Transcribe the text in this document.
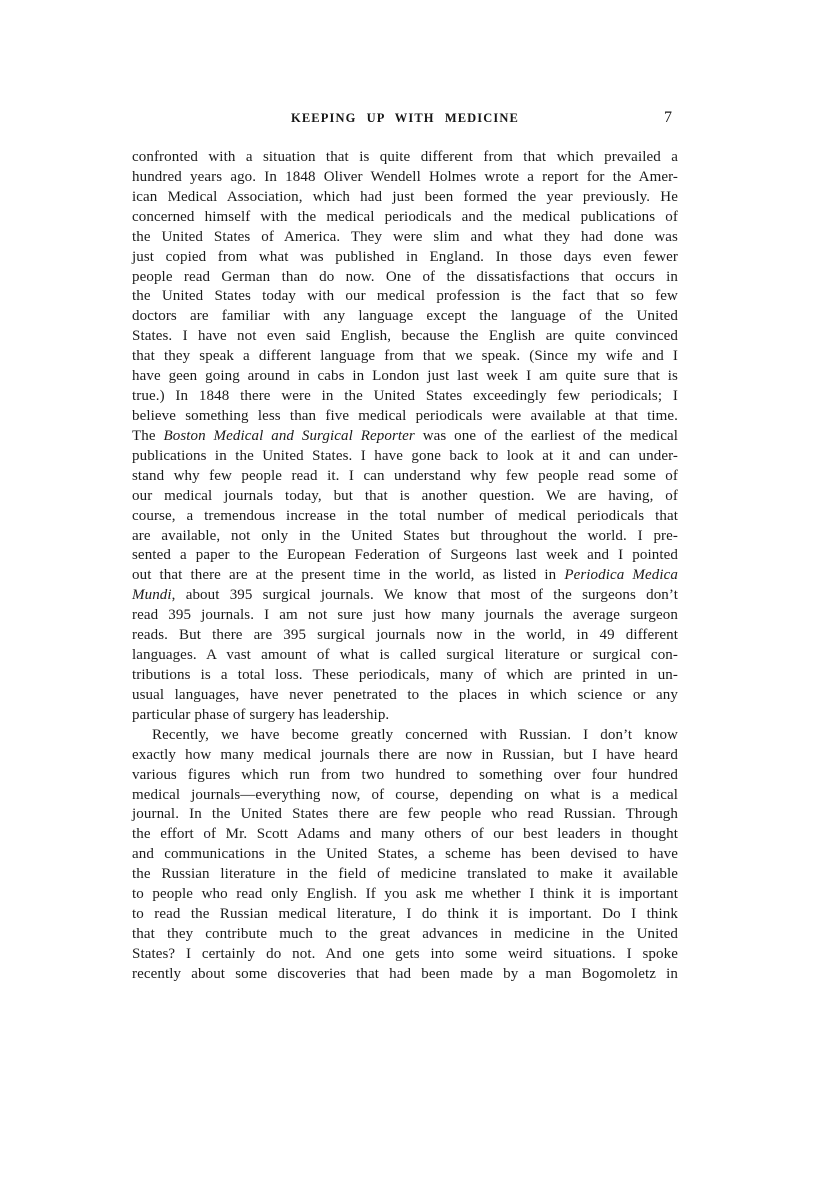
KEEPING UP WITH MEDICINE	7
confronted with a situation that is quite different from that which prevailed a
hundred years ago. In 1848 Oliver Wendell Holmes wrote a report for the Amer-
ican Medical Association, which had just been formed the year previously. He
concerned himself with the medical periodicals and the medical publications of
the United States of America. They were slim and what they had done was
just copied from what was published in England. In those days even fewer
people read German than do now. One of the dissatisfactions that occurs in
the United States today with our medical profession is the fact that so few
doctors are familiar with any language except the language of the United
States. I have not even said English, because the English are quite convinced
that they speak a different language from that we speak. (Since my wife and I
have geen going around in cabs in London just last week I am quite sure that is
true.) In 1848 there were in the United States exceedingly few periodicals; I
believe something less than five medical periodicals were available at that time.
The Boston Medical and Surgical Reporter was one of the earliest of the medical
publications in the United States. I have gone back to look at it and can under-
stand why few people read it. I can understand why few people read some of
our medical journals today, but that is another question. We are having, of
course, a tremendous increase in the total number of medical periodicals that
are available, not only in the United States but throughout the world. I pre-
sented a paper to the European Federation of Surgeons last week and I pointed
out that there are at the present time in the world, as listed in Periodica Medica
Mundi, about 395 surgical journals. We know that most of the surgeons don’t
read 395 journals. I am not sure just how many journals the average surgeon
reads. But there are 395 surgical journals now in the world, in 49 different
languages. A vast amount of what is called surgical literature or surgical con-
tributions is a total loss. These periodicals, many of which are printed in un-
usual languages, have never penetrated to the places in which science or any
particular phase of surgery has leadership.
Recently, we have become greatly concerned with Russian. I don’t know
exactly how many medical journals there are now in Russian, but I have heard
various figures which run from two hundred to something over four hundred
medical journals—everything now, of course, depending on what is a medical
journal. In the United States there are few people who read Russian. Through
the effort of Mr. Scott Adams and many others of our best leaders in thought
and communications in the United States, a scheme has been devised to have
the Russian literature in the field of medicine translated to make it available
to people who read only English. If you ask me whether I think it is important
to read the Russian medical literature, I do think it is important. Do I think
that they contribute much to the great advances in medicine in the United
States? I certainly do not. And one gets into some weird situations. I spoke
recently about some discoveries that had been made by a man Bogomoletz in
